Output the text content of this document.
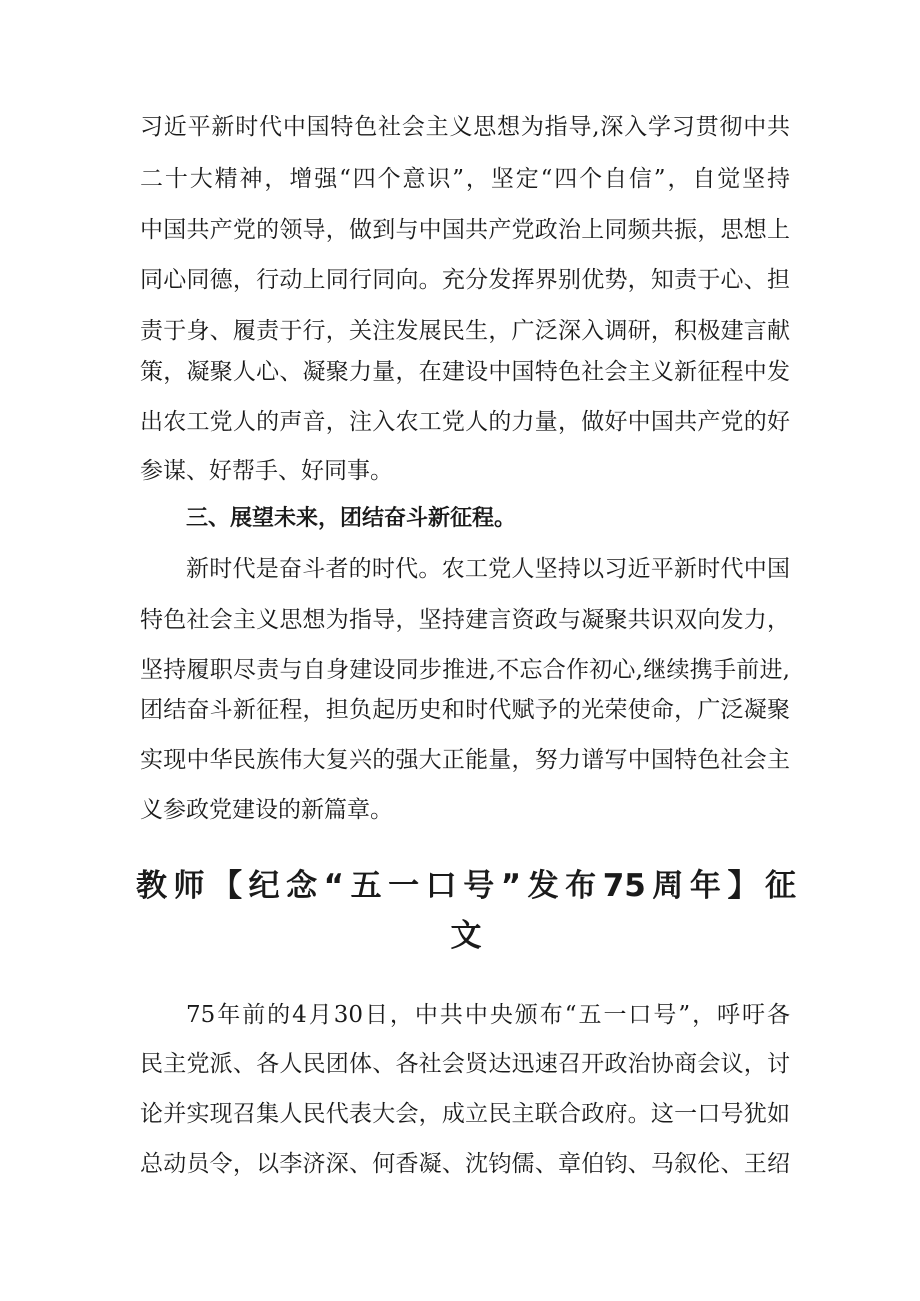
习近平新时代中国特色社会主义思想为指导,深入学习贯彻中共
二十大精神，增强“四个意识”，坚定“四个自信”，自觉坚持
中国共产党的领导，做到与中国共产党政治上同频共振，思想上
同心同德，行动上同行同向。充分发挥界别优势，知责于心、担
责于身、履责于行，关注发展民生，广泛深入调研，积极建言献
策，凝聚人心、凝聚力量，在建设中国特色社会主义新征程中发
出农工党人的声音，注入农工党人的力量，做好中国共产党的好
参谋、好帮手、好同事。
三、展望未来，团结奋斗新征程。
新时代是奋斗者的时代。农工党人坚持以习近平新时代中国
特色社会主义思想为指导，坚持建言资政与凝聚共识双向发力，
坚持履职尽责与自身建设同步推进,不忘合作初心,继续携手前进,
团结奋斗新征程，担负起历史和时代赋予的光荣使命，广泛凝聚
实现中华民族伟大复兴的强大正能量，努力谱写中国特色社会主
义参政党建设的新篇章。
教师【纪念“五一口号”发布75周年】征
文
75年前的4月30日，中共中央颁布“五一口号”，呼吁各
民主党派、各人民团体、各社会贤达迅速召开政治协商会议，讨
论并实现召集人民代表大会，成立民主联合政府。这一口号犹如
总动员令，以李济深、何香凝、沈钧儒、章伯钧、马叙伦、王绍
